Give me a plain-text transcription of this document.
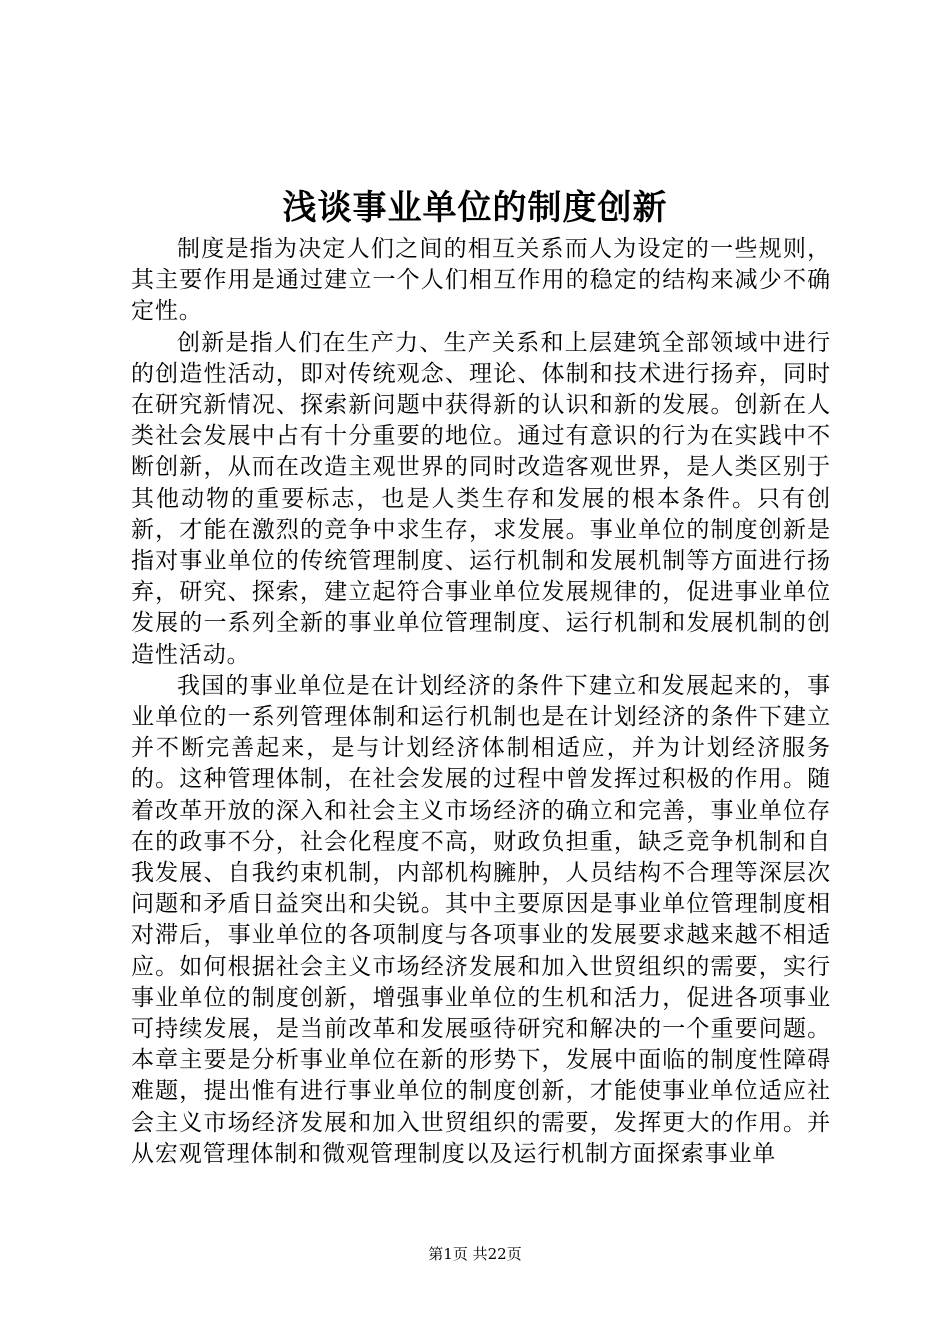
浅谈事业单位的制度创新

制度是指为决定人们之间的相互关系而人为设定的一些规则，其主要作用是通过建立一个人们相互作用的稳定的结构来减少不确定性。

创新是指人们在生产力、生产关系和上层建筑全部领域中进行的创造性活动，即对传统观念、理论、体制和技术进行扬弃，同时在研究新情况、探索新问题中获得新的认识和新的发展。创新在人类社会发展中占有十分重要的地位。通过有意识的行为在实践中不断创新，从而在改造主观世界的同时改造客观世界，是人类区别于其他动物的重要标志，也是人类生存和发展的根本条件。只有创新，才能在激烈的竞争中求生存，求发展。事业单位的制度创新是指对事业单位的传统管理制度、运行机制和发展机制等方面进行扬弃，研究、探索，建立起符合事业单位发展规律的，促进事业单位发展的一系列全新的事业单位管理制度、运行机制和发展机制的创造性活动。

我国的事业单位是在计划经济的条件下建立和发展起来的，事业单位的一系列管理体制和运行机制也是在计划经济的条件下建立并不断完善起来，是与计划经济体制相适应，并为计划经济服务的。这种管理体制，在社会发展的过程中曾发挥过积极的作用。随着改革开放的深入和社会主义市场经济的确立和完善，事业单位存在的政事不分，社会化程度不高，财政负担重，缺乏竞争机制和自我发展、自我约束机制，内部机构臃肿，人员结构不合理等深层次问题和矛盾日益突出和尖锐。其中主要原因是事业单位管理制度相对滞后，事业单位的各项制度与各项事业的发展要求越来越不相适应。如何根据社会主义市场经济发展和加入世贸组织的需要，实行事业单位的制度创新，增强事业单位的生机和活力，促进各项事业可持续发展，是当前改革和发展亟待研究和解决的一个重要问题。本章主要是分析事业单位在新的形势下，发展中面临的制度性障碍难题，提出惟有进行事业单位的制度创新，才能使事业单位适应社会主义市场经济发展和加入世贸组织的需要，发挥更大的作用。并从宏观管理体制和微观管理制度以及运行机制方面探索事业单

第1页 共22页
